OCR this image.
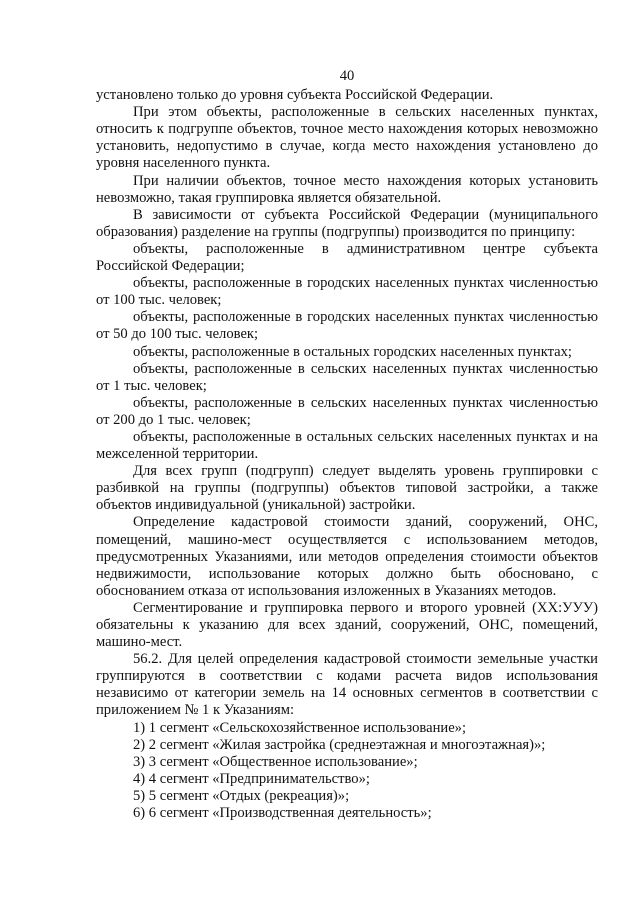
40

установлено только до уровня субъекта Российской Федерации.

При этом объекты, расположенные в сельских населенных пунктах, относить к подгруппе объектов, точное место нахождения которых невозможно установить, недопустимо в случае, когда место нахождения установлено до уровня населенного пункта.

При наличии объектов, точное место нахождения которых установить невозможно, такая группировка является обязательной.

В зависимости от субъекта Российской Федерации (муниципального образования) разделение на группы (подгруппы) производится по принципу:

объекты, расположенные в административном центре субъекта Российской Федерации;

объекты, расположенные в городских населенных пунктах численностью от 100 тыс. человек;

объекты, расположенные в городских населенных пунктах численностью от 50 до 100 тыс. человек;

объекты, расположенные в остальных городских населенных пунктах;

объекты, расположенные в сельских населенных пунктах численностью от 1 тыс. человек;

объекты, расположенные в сельских населенных пунктах численностью от 200 до 1 тыс. человек;

объекты, расположенные в остальных сельских населенных пунктах и на межселенной территории.

Для всех групп (подгрупп) следует выделять уровень группировки с разбивкой на группы (подгруппы) объектов типовой застройки, а также объектов индивидуальной (уникальной) застройки.

Определение кадастровой стоимости зданий, сооружений, ОНС, помещений, машино-мест осуществляется с использованием методов, предусмотренных Указаниями, или методов определения стоимости объектов недвижимости, использование которых должно быть обосновано, с обоснованием отказа от использования изложенных в Указаниях методов.

Сегментирование и группировка первого и второго уровней (XX:УУУ) обязательны к указанию для всех зданий, сооружений, ОНС, помещений, машино-мест.

56.2. Для целей определения кадастровой стоимости земельные участки группируются в соответствии с кодами расчета видов использования независимо от категории земель на 14 основных сегментов в соответствии с приложением № 1 к Указаниям:

1) 1 сегмент «Сельскохозяйственное использование»;
2) 2 сегмент «Жилая застройка (среднеэтажная и многоэтажная)»;
3) 3 сегмент «Общественное использование»;
4) 4 сегмент «Предпринимательство»;
5) 5 сегмент «Отдых (рекреация)»;
6) 6 сегмент «Производственная деятельность»;
